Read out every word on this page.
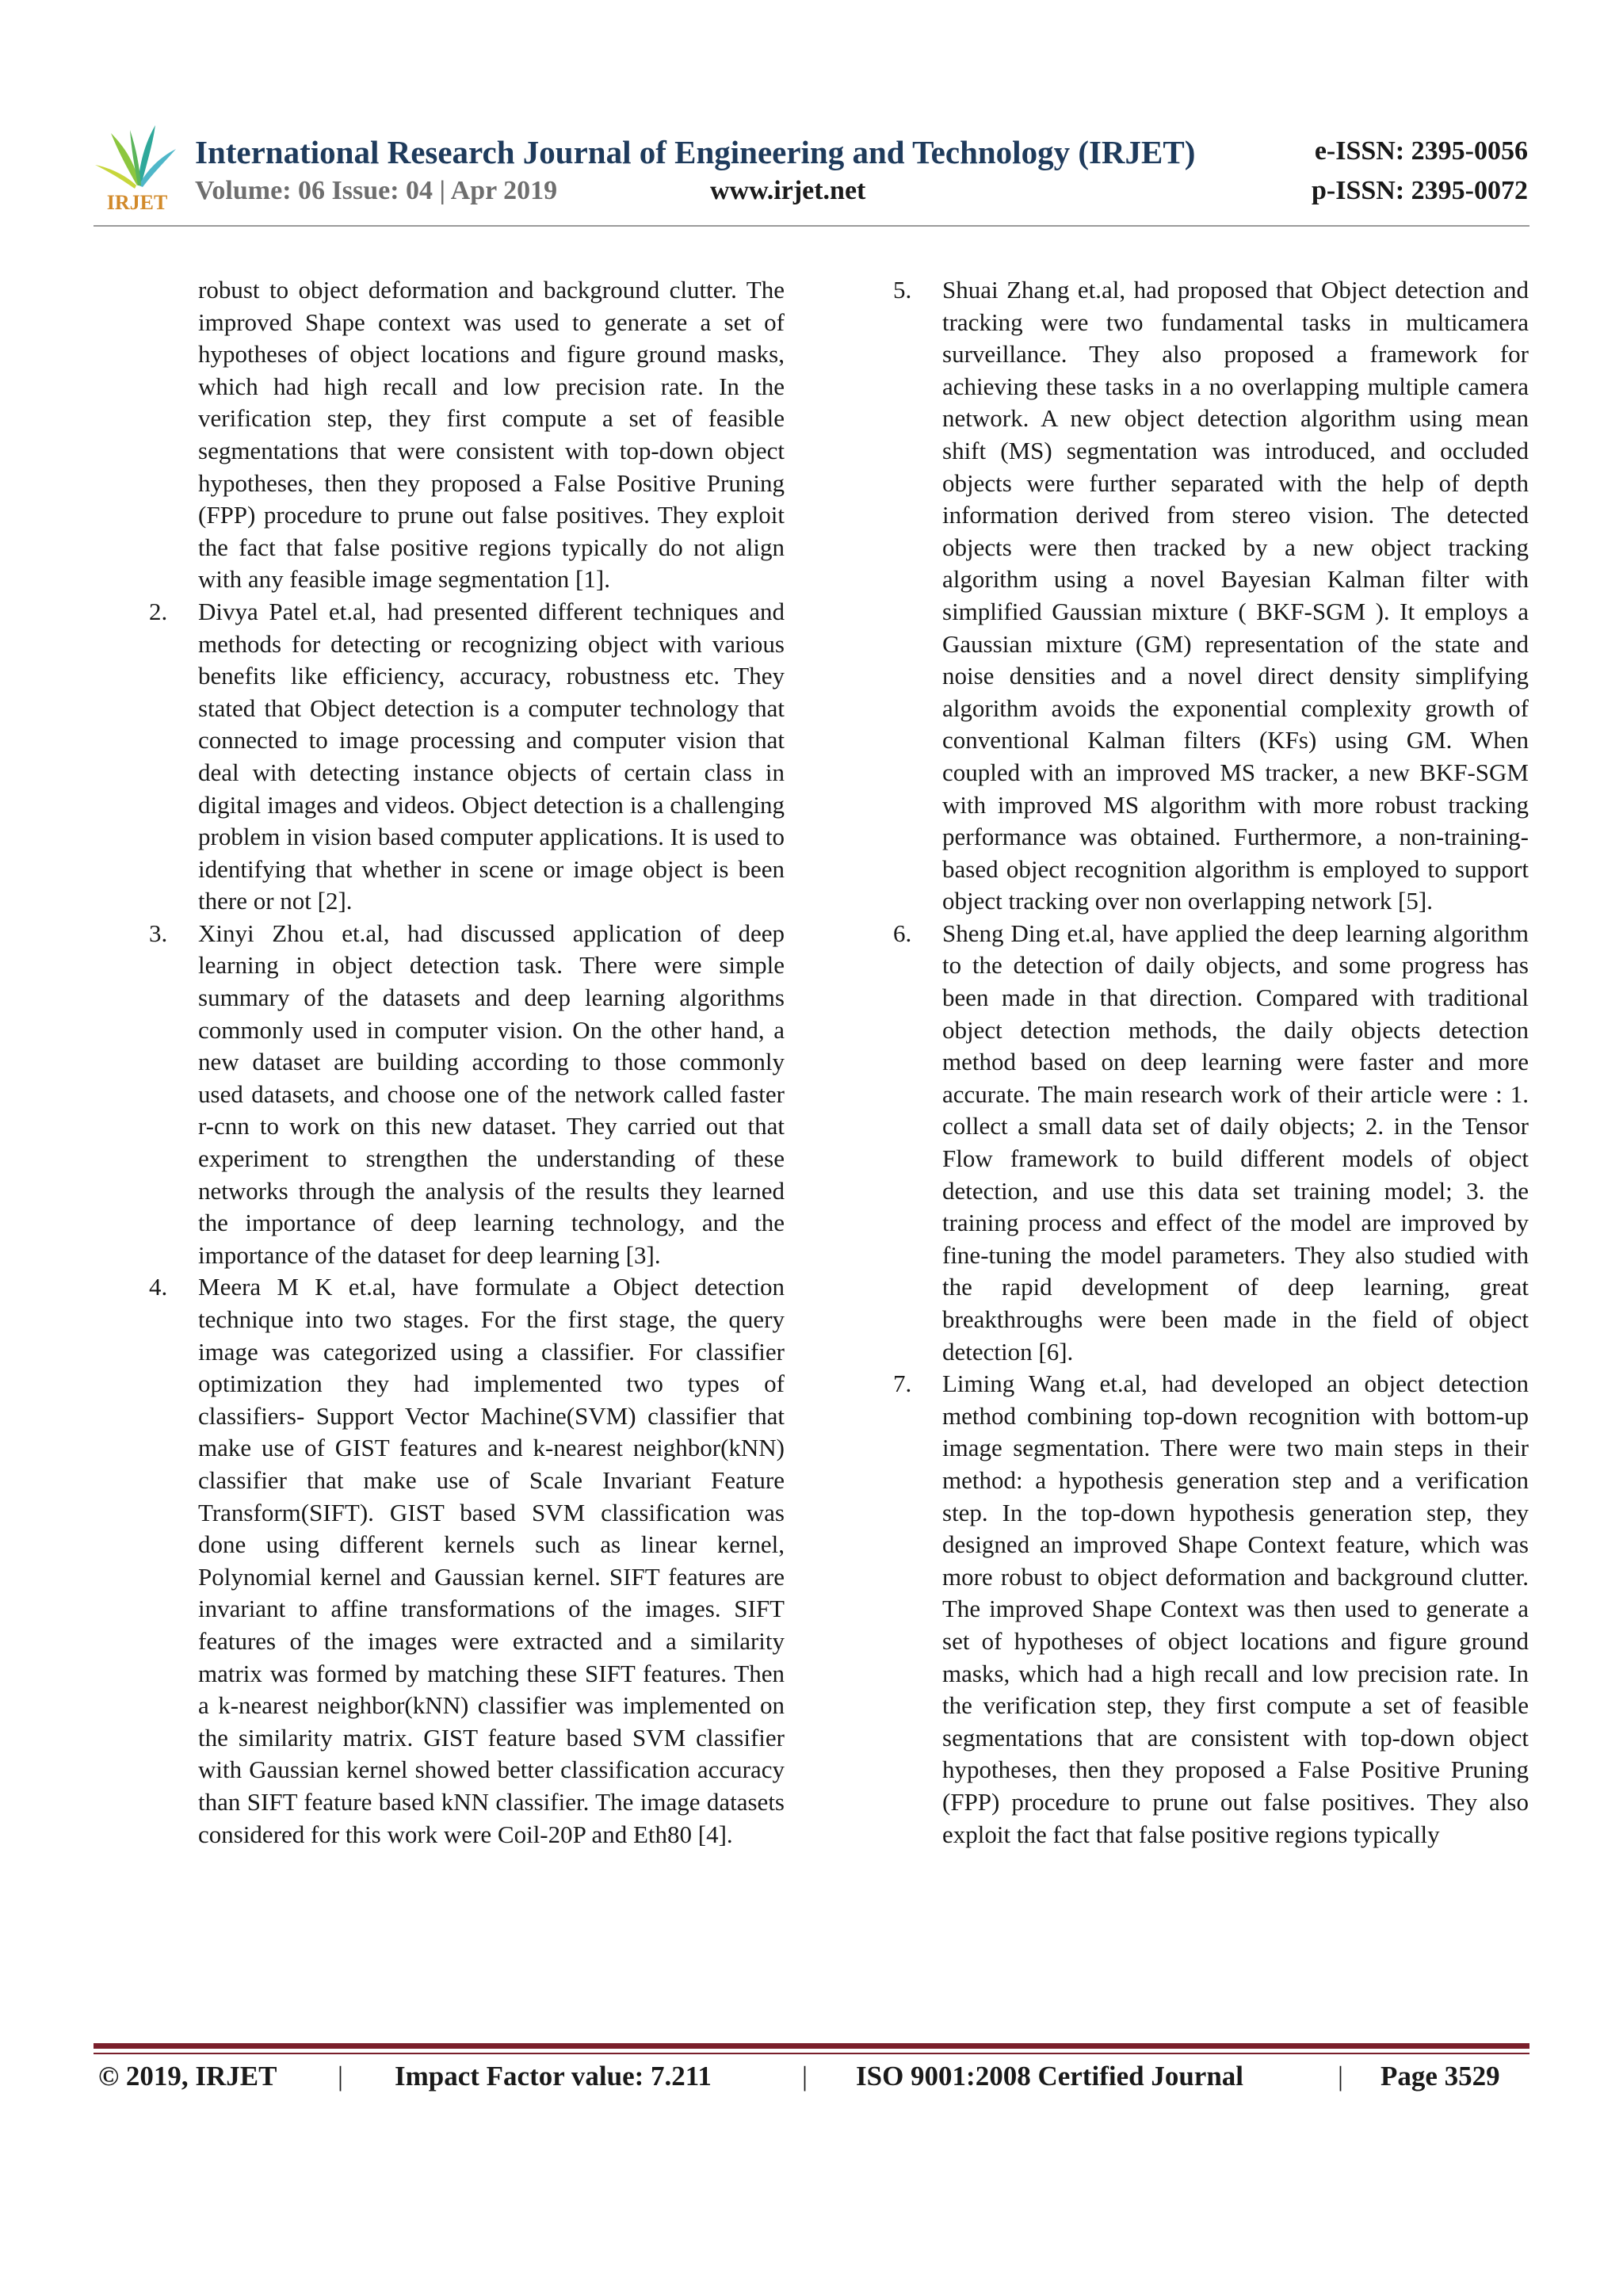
IRJET
International Research Journal of Engineering and Technology (IRJET)
Volume: 06 Issue: 04 | Apr 2019	www.irjet.net
e-ISSN: 2395-0056
p-ISSN: 2395-0072

robust to object deformation and background clutter. The improved Shape context was used to generate a set of hypotheses of object locations and figure ground masks, which had high recall and low precision rate. In the verification step, they first compute a set of feasible segmentations that were consistent with top-down object hypotheses, then they proposed a False Positive Pruning (FPP) procedure to prune out false positives. They exploit the fact that false positive regions typically do not align with any feasible image segmentation [1].

2.	Divya Patel et.al, had presented different techniques and methods for detecting or recognizing object with various benefits like efficiency, accuracy, robustness etc. They stated that Object detection is a computer technology that connected to image processing and computer vision that deal with detecting instance objects of certain class in digital images and videos. Object detection is a challenging problem in vision based computer applications. It is used to identifying that whether in scene or image object is been there or not [2].
3.	Xinyi Zhou et.al, had discussed application of deep learning in object detection task. There were simple summary of the datasets and deep learning algorithms commonly used in computer vision. On the other hand, a new dataset are building according to those commonly used datasets, and choose one of the network called faster r-cnn to work on this new dataset. They carried out that experiment to strengthen the understanding of these networks through the analysis of the results they learned the importance of deep learning technology, and the importance of the dataset for deep learning [3].
4.	Meera M K et.al, have formulate a Object detection technique into two stages. For the first stage, the query image was categorized using a classifier. For classifier optimization they had implemented two types of classifiers- Support Vector Machine(SVM) classifier that make use of GIST features and k-nearest neighbor(kNN) classifier that make use of Scale Invariant Feature Transform(SIFT). GIST based SVM classification was done using different kernels such as linear kernel, Polynomial kernel and Gaussian kernel. SIFT features are invariant to affine transformations of the images. SIFT features of the images were extracted and a similarity matrix was formed by matching these SIFT features. Then a k-nearest neighbor(kNN) classifier was implemented on the similarity matrix. GIST feature based SVM classifier with Gaussian kernel showed better classification accuracy than SIFT feature based kNN classifier. The image datasets considered for this work were Coil-20P and Eth80 [4].
5.	Shuai Zhang et.al, had proposed that Object detection and tracking were two fundamental tasks in multicamera surveillance. They also proposed a framework for achieving these tasks in a no overlapping multiple camera network. A new object detection algorithm using mean shift (MS) segmentation was introduced, and occluded objects were further separated with the help of depth information derived from stereo vision. The detected objects were then tracked by a new object tracking algorithm using a novel Bayesian Kalman filter with simplified Gaussian mixture ( BKF-SGM ). It employs a Gaussian mixture (GM) representation of the state and noise densities and a novel direct density simplifying algorithm avoids the exponential complexity growth of conventional Kalman filters (KFs) using GM. When coupled with an improved MS tracker, a new BKF-SGM with improved MS algorithm with more robust tracking performance was obtained. Furthermore, a non-training-based object recognition algorithm is employed to support object tracking over non overlapping network [5].
6.	Sheng Ding et.al, have applied the deep learning algorithm to the detection of daily objects, and some progress has been made in that direction. Compared with traditional object detection methods, the daily objects detection method based on deep learning were faster and more accurate. The main research work of their article were : 1. collect a small data set of daily objects; 2. in the Tensor Flow framework to build different models of object detection, and use this data set training model; 3. the training process and effect of the model are improved by fine-tuning the model parameters. They also studied with the rapid development of deep learning, great breakthroughs were been made in the field of object detection [6].
7.	Liming Wang et.al, had developed an object detection method combining top-down recognition with bottom-up image segmentation. There were two main steps in their method: a hypothesis generation step and a verification step. In the top-down hypothesis generation step, they designed an improved Shape Context feature, which was more robust to object deformation and background clutter. The improved Shape Context was then used to generate a set of hypotheses of object locations and figure ground masks, which had a high recall and low precision rate. In the verification step, they first compute a set of feasible segmentations that are consistent with top-down object hypotheses, then they proposed a False Positive Pruning (FPP) procedure to prune out false positives. They also exploit the fact that false positive regions typically
© 2019, IRJET | Impact Factor value: 7.211	| ISO 9001:2008 Certified Journal	| Page 3529
